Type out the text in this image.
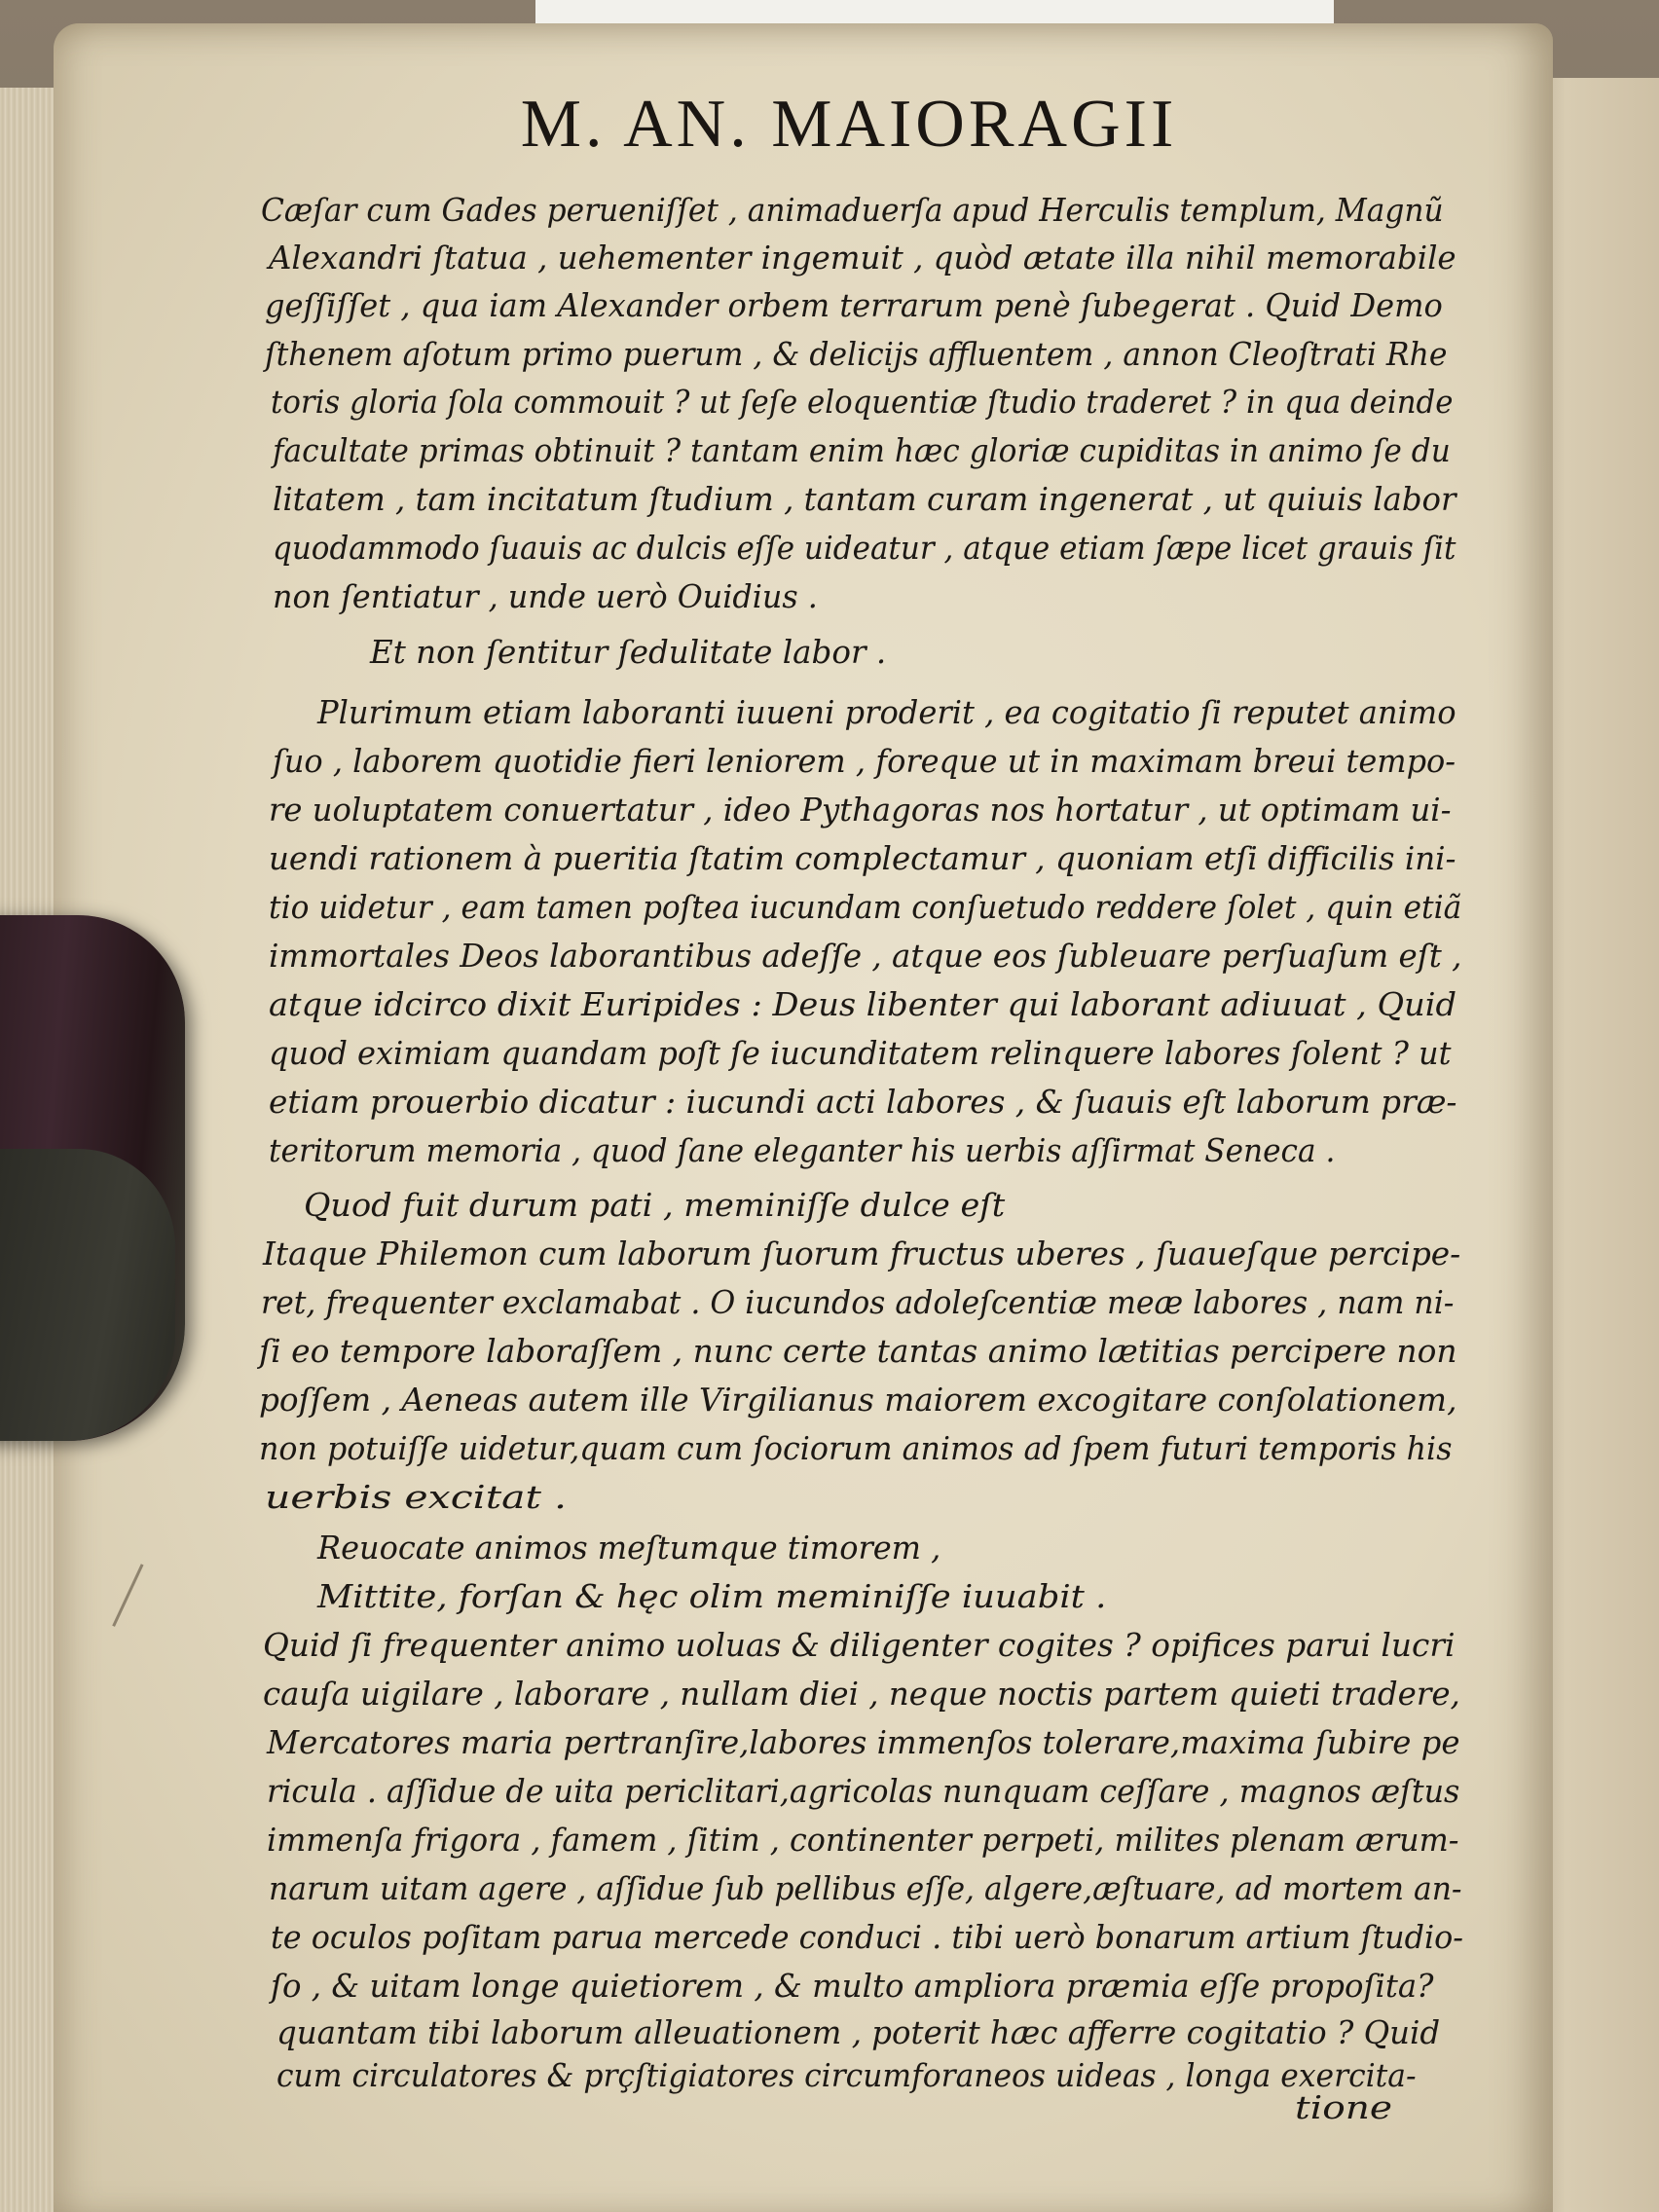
M. AN. MAIORAGII
Cæſar cum Gades perueniſſet , animaduerſa apud Herculis templum, Magnũ
Alexandri ſtatua , uehementer ingemuit , quòd ætate illa nihil memorabile
geſſiſſet , qua iam Alexander orbem terrarum penè ſubegerat . Quid Demo
ſthenem aſotum primo puerum , & delicijs affluentem , annon Cleoſtrati Rhe
toris gloria ſola commouit ? ut ſeſe eloquentiæ ſtudio traderet ? in qua deinde
facultate primas obtinuit ? tantam enim hæc gloriæ cupiditas in animo ſe du
litatem , tam incitatum ſtudium , tantam curam ingenerat , ut quiuis labor
quodammodo ſuauis ac dulcis eſſe uideatur , atque etiam ſæpe licet grauis ſit
non ſentiatur , unde uerò Ouidius .
Et non ſentitur ſedulitate labor .
Plurimum etiam laboranti iuueni proderit , ea cogitatio ſi reputet animo
ſuo , laborem quotidie fieri leniorem , foreque ut in maximam breui tempo-
re uoluptatem conuertatur , ideo Pythagoras nos hortatur , ut optimam ui-
uendi rationem à pueritia ſtatim complectamur , quoniam etſi difficilis ini-
tio uidetur , eam tamen poſtea iucundam conſuetudo reddere ſolet , quin etiã
immortales Deos laborantibus adeſſe , atque eos ſubleuare perſuaſum eſt ,
atque idcirco dixit Euripides : Deus libenter qui laborant adiuuat , Quid
quod eximiam quandam poſt ſe iucunditatem relinquere labores ſolent ? ut
etiam prouerbio dicatur : iucundi acti labores , & ſuauis eſt laborum præ-
teritorum memoria , quod ſane eleganter his uerbis aſſirmat Seneca .
Quod fuit durum pati , meminiſſe dulce eſt
Itaque Philemon cum laborum ſuorum fructus uberes , ſuaueſque percipe-
ret, frequenter exclamabat . O iucundos adoleſcentiæ meæ labores , nam ni-
ſi eo tempore laboraſſem , nunc certe tantas animo lætitias percipere non
poſſem , Aeneas autem ille Virgilianus maiorem excogitare conſolationem,
non potuiſſe uidetur,quam cum ſociorum animos ad ſpem futuri temporis his
uerbis excitat .
Reuocate animos meſtumque timorem ,
Mittite, forſan & hęc olim meminiſſe iuuabit .
Quid ſi frequenter animo uoluas & diligenter cogites ? opifices parui lucri
cauſa uigilare , laborare , nullam diei , neque noctis partem quieti tradere,
Mercatores maria pertranſire,labores immenſos tolerare,maxima ſubire pe
ricula . aſſidue de uita periclitari,agricolas nunquam ceſſare , magnos æſtus
immenſa frigora , famem , ſitim , continenter perpeti, milites plenam ærum-
narum uitam agere , aſſidue ſub pellibus eſſe, algere,æſtuare, ad mortem an-
te oculos poſitam parua mercede conduci . tibi uerò bonarum artium ſtudio-
ſo , & uitam longe quietiorem , & multo ampliora præmia eſſe propoſita?
quantam tibi laborum alleuationem , poterit hæc afferre cogitatio ? Quid
cum circulatores & prçſtigiatores circumforaneos uideas , longa exercita-
tione
